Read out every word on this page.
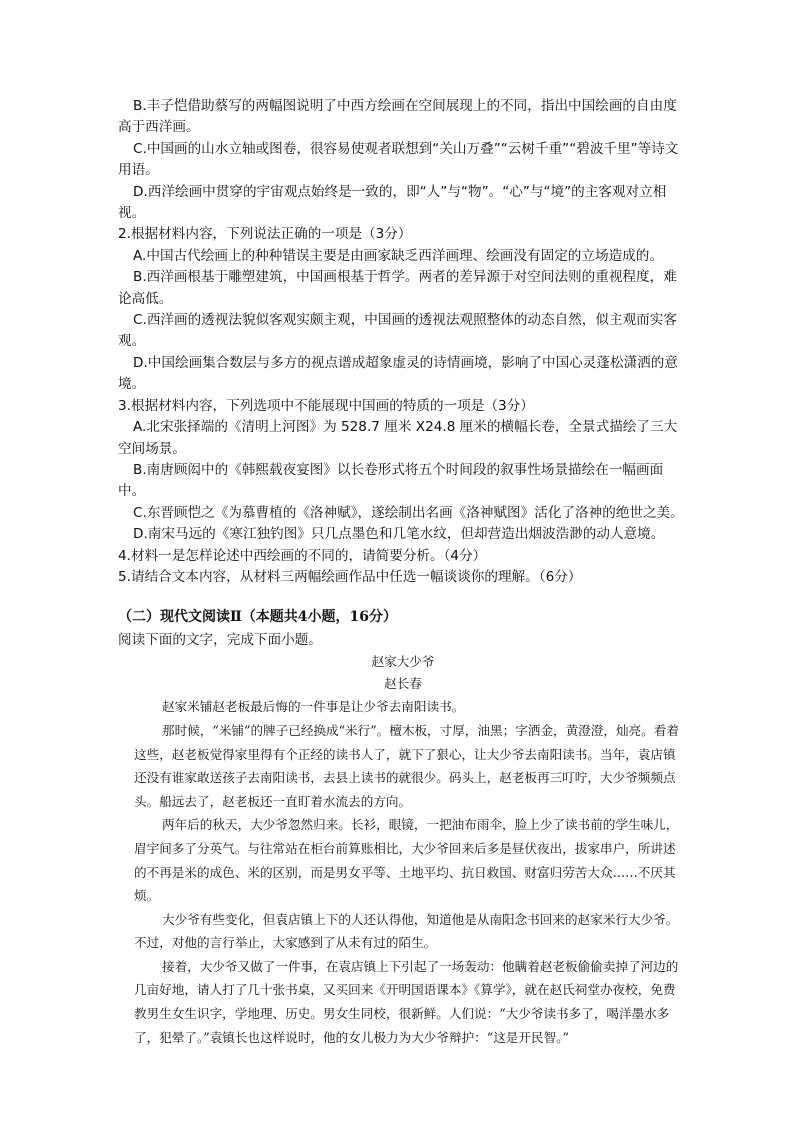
B.丰子恺借助蔡写的两幅图说明了中西方绘画在空间展现上的不同，指出中国绘画的自由度高于西洋画。

C.中国画的山水立轴或图卷，很容易使观者联想到“关山万叠”“云树千重”“碧波千里”等诗文用语。

D.西洋绘画中贯穿的宇宙观点始终是一致的，即“人”与“物”。“心”与“境”的主客观对立相视。

2.根据材料内容，下列说法正确的一项是（3分）

A.中国古代绘画上的种种错误主要是由画家缺乏西洋画理、绘画没有固定的立场造成的。

B.西洋画根基于雕塑建筑，中国画根基于哲学。两者的差异源于对空间法则的重视程度，难论高低。

C.西洋画的透视法貌似客观实颇主观，中国画的透视法观照整体的动态自然，似主观而实客观。

D.中国绘画集合数层与多方的视点谱成超象虚灵的诗情画境，影响了中国心灵蓬松潇洒的意境。

3.根据材料内容，下列选项中不能展现中国画的特质的一项是（3分）

A.北宋张择端的《清明上河图》为 528.7 厘米 X24.8 厘米的横幅长卷，全景式描绘了三大空间场景。

B.南唐顾闳中的《韩熙载夜宴图》以长卷形式将五个时间段的叙事性场景描绘在一幅画面中。

C.东晋顾恺之《为慕曹植的《洛神赋》，遂绘制出名画《洛神赋图》活化了洛神的绝世之美。

D.南宋马远的《寒江独钓图》只几点墨色和几笔水纹，但却营造出烟波浩渺的动人意境。

4.材料一是怎样论述中西绘画的不同的，请简要分析。（4分）

5.请结合文本内容，从材料三两幅绘画作品中任选一幅谈谈你的理解。（6分）

（二）现代文阅读Ⅱ（本题共4小题，16分）

阅读下面的文字，完成下面小题。

赵家大少爷

赵长春

赵家米铺赵老板最后悔的一件事是让少爷去南阳读书。

那时候，“米铺”的牌子已经换成“米行”。檀木板，寸厚，油黑；字洒金，黄澄澄，灿亮。看着这些，赵老板觉得家里得有个正经的读书人了，就下了狠心，让大少爷去南阳读书。当年，袁店镇还没有谁家敢送孩子去南阳读书，去县上读书的就很少。码头上，赵老板再三叮咛，大少爷频频点头。船远去了，赵老板还一直盯着水流去的方向。

两年后的秋天，大少爷忽然归来。长衫，眼镜，一把油布雨伞，脸上少了读书前的学生味儿，眉宇间多了分英气。与往常站在柜台前算账相比，大少爷回来后多是昼伏夜出，拔家串户，所讲述的不再是米的成色、米的区别，而是男女平等、土地平均、抗日救国、财富归劳苦大众……不厌其烦。

大少爷有些变化，但袁店镇上下的人还认得他，知道他是从南阳念书回来的赵家米行大少爷。不过，对他的言行举止，大家感到了从未有过的陌生。

接着，大少爷又做了一件事，在袁店镇上下引起了一场轰动：他瞒着赵老板偷偷卖掉了河边的几亩好地，请人打了几十张书桌，又买回来《开明国语课本》《算学》，就在赵氏祠堂办夜校，免费教男生女生识字，学地理、历史。男女生同校，很新鲜。人们说：“大少爷读书多了，喝洋墨水多了，犯晕了。”袁镇长也这样说时，他的女儿极力为大少爷辩护：“这是开民智。”
